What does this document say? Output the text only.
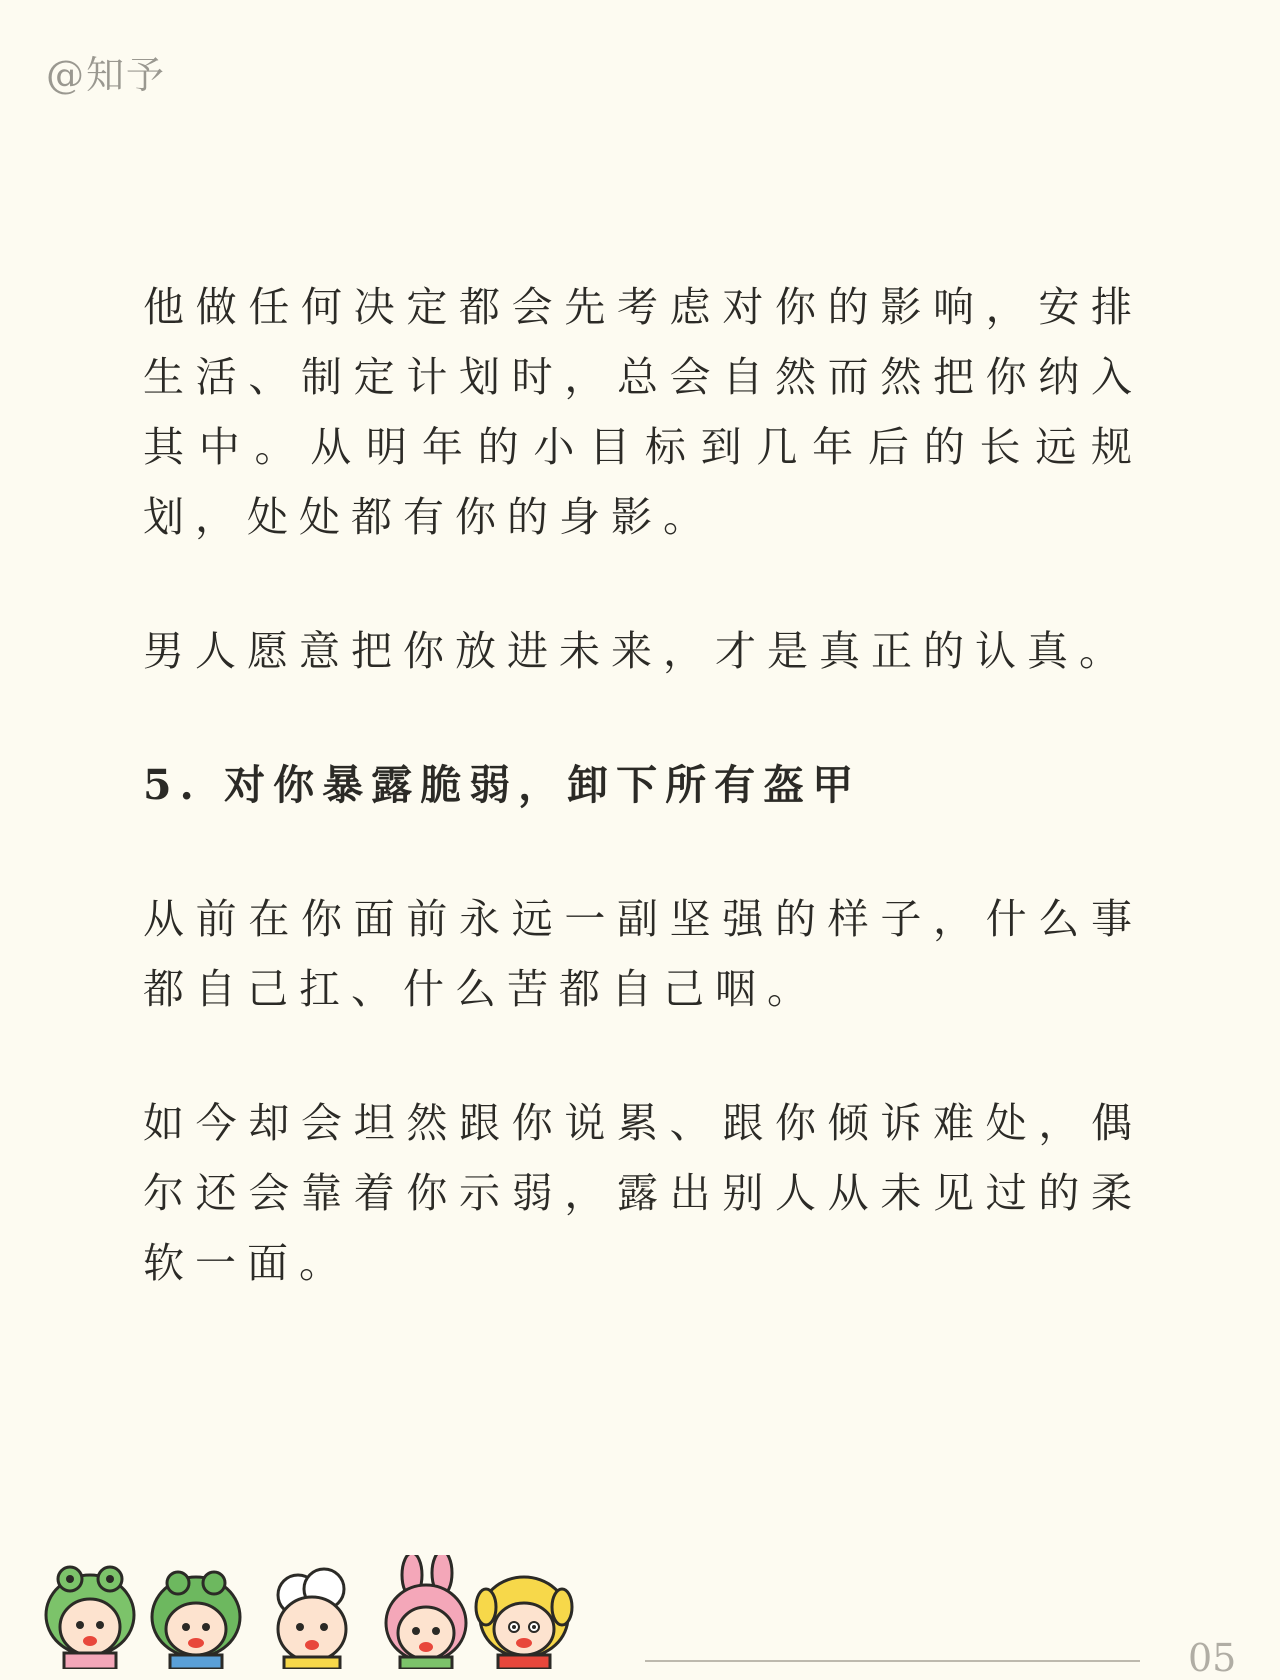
@知予

他做任何决定都会先考虑对你的影响，安排生活、制定计划时，总会自然而然把你纳入其中。从明年的小目标到几年后的长远规划，处处都有你的身影。

男人愿意把你放进未来，才是真正的认真。

5. 对你暴露脆弱，卸下所有盔甲

从前在你面前永远一副坚强的样子，什么事都自己扛、什么苦都自己咽。

如今却会坦然跟你说累、跟你倾诉难处，偶尔还会靠着你示弱，露出别人从未见过的柔软一面。

05
